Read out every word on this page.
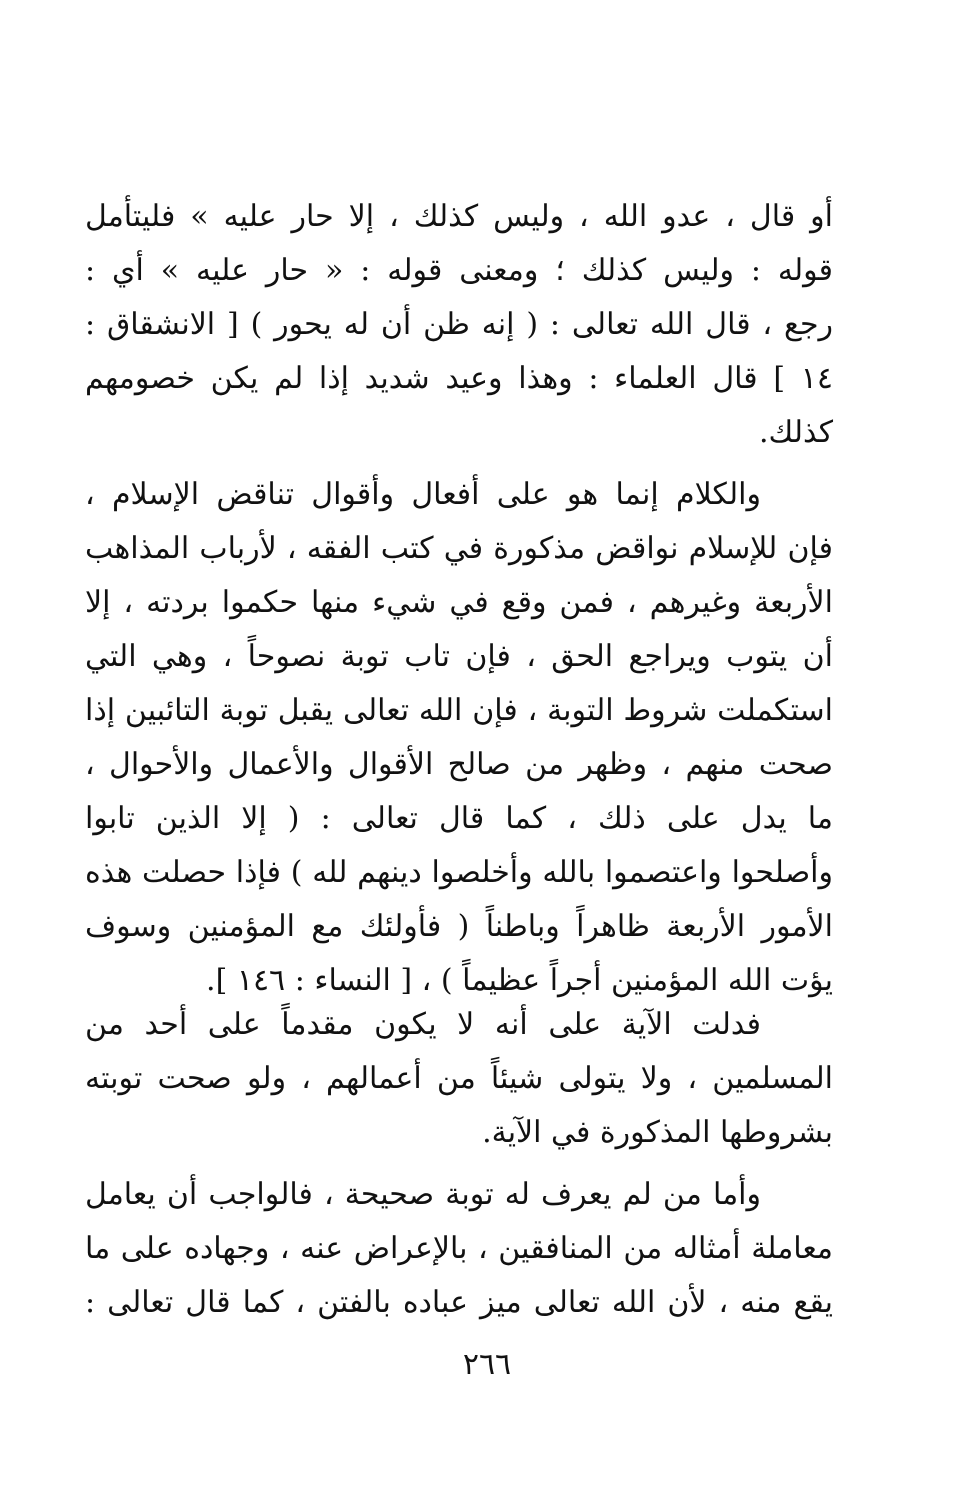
أو قال ، عدو الله ، وليس كذلك ، إلا حار عليه » فليتأمل
قوله : وليس كذلك ؛ ومعنى قوله : « حار عليه » أي :
رجع ، قال الله تعالى : ( إنه ظن أن له يحور ) [ الانشقاق :
١٤ ] قال العلماء : وهذا وعيد شديد إذا لم يكن خصومهم
كذلك.
والكلام إنما هو على أفعال وأقوال تناقض الإسلام ،
فإن للإسلام نواقض مذكورة في كتب الفقه ، لأرباب المذاهب
الأربعة وغيرهم ، فمن وقع في شيء منها حكموا بردته ، إلا
أن يتوب ويراجع الحق ، فإن تاب توبة نصوحاً ، وهي التي
استكملت شروط التوبة ، فإن الله تعالى يقبل توبة التائبين إذا
صحت منهم ، وظهر من صالح الأقوال والأعمال والأحوال ،
ما يدل على ذلك ، كما قال تعالى : ( إلا الذين تابوا
وأصلحوا واعتصموا بالله وأخلصوا دينهم لله ) فإذا حصلت هذه
الأمور الأربعة ظاهراً وباطناً ( فأولئك مع المؤمنين وسوف
يؤت الله المؤمنين أجراً عظيماً ) ، [ النساء : ١٤٦ ].
فدلت الآية على أنه لا يكون مقدماً على أحد من
المسلمين ، ولا يتولى شيئاً من أعمالهم ، ولو صحت توبته
بشروطها المذكورة في الآية.
وأما من لم يعرف له توبة صحيحة ، فالواجب أن يعامل
معاملة أمثاله من المنافقين ، بالإعراض عنه ، وجهاده على ما
يقع منه ، لأن الله تعالى ميز عباده بالفتن ، كما قال تعالى :
٢٦٦
